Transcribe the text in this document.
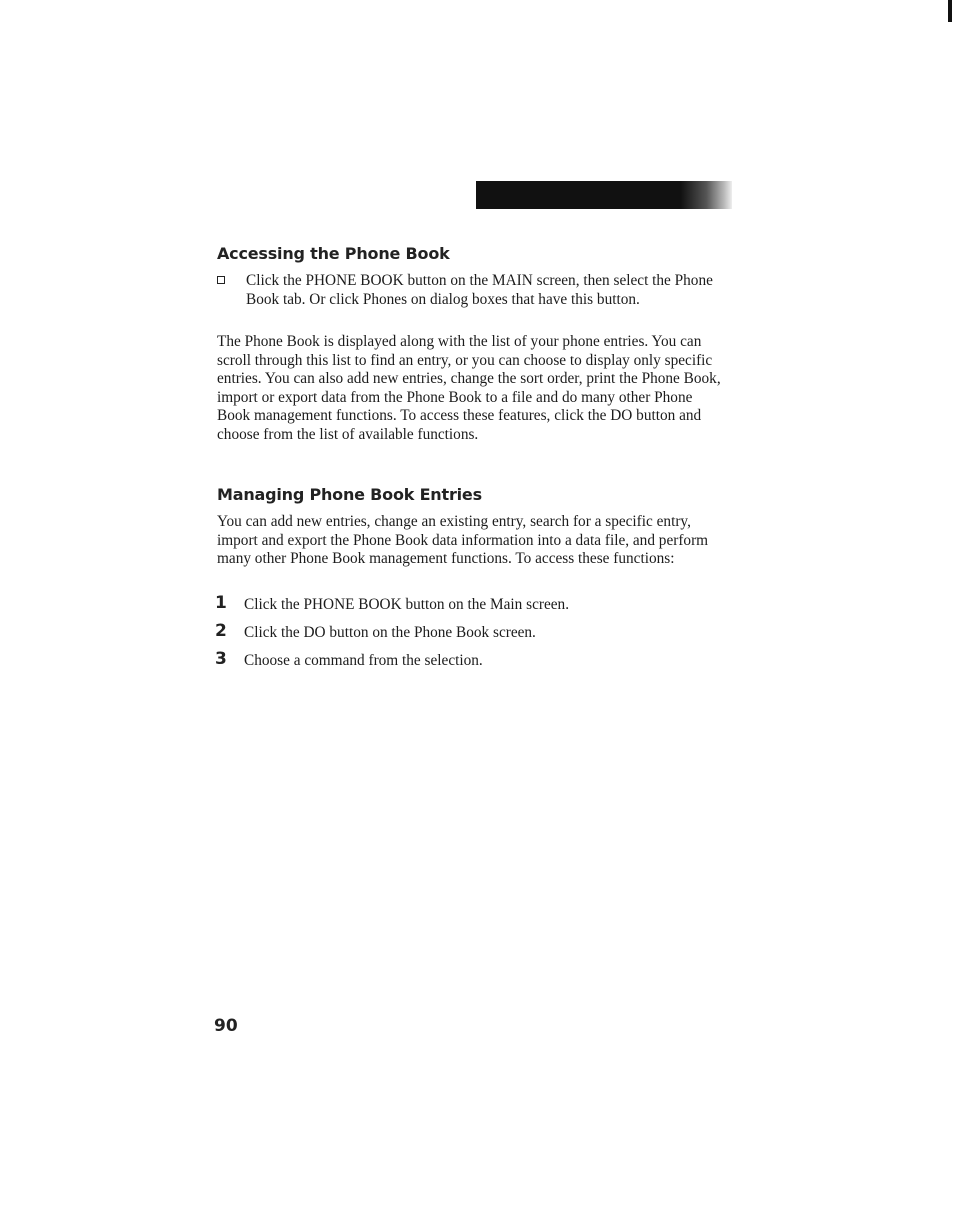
Accessing the Phone Book

Click the PHONE BOOK button on the MAIN screen, then select the Phone Book tab. Or click Phones on dialog boxes that have this button.

The Phone Book is displayed along with the list of your phone entries. You can scroll through this list to find an entry, or you can choose to display only specific entries. You can also add new entries, change the sort order, print the Phone Book, import or export data from the Phone Book to a file and do many other Phone Book management functions. To access these features, click the DO button and choose from the list of available functions.

Managing Phone Book Entries

You can add new entries, change an existing entry, search for a specific entry, import and export the Phone Book data information into a data file, and perform many other Phone Book management functions. To access these functions:

1 Click the PHONE BOOK button on the Main screen.
2 Click the DO button on the Phone Book screen.
3 Choose a command from the selection.

90
